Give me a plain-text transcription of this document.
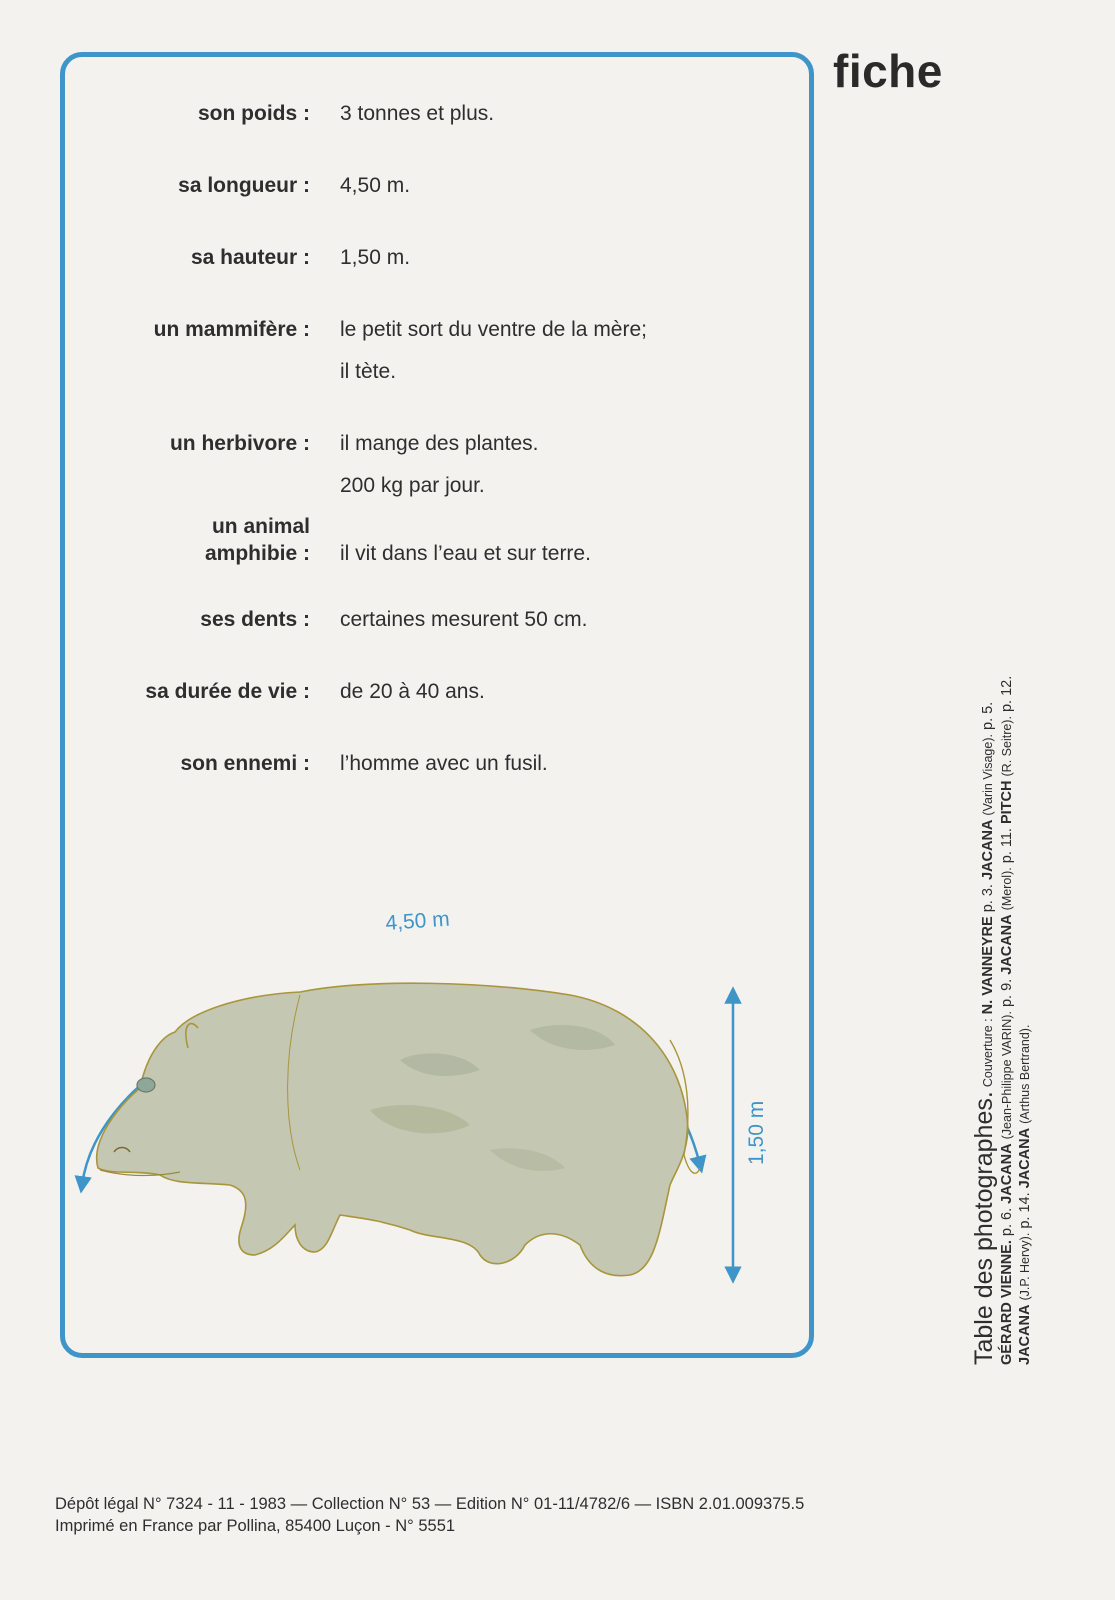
fiche
son poids : 3 tonnes et plus.
sa longueur : 4,50 m.
sa hauteur : 1,50 m.
un mammifère : le petit sort du ventre de la mère;
il tète.
un herbivore : il mange des plantes.
200 kg par jour.
un animal
amphibie : il vit dans l’eau et sur terre.
ses dents : certaines mesurent 50 cm.
sa durée de vie : de 20 à 40 ans.
son ennemi : l’homme avec un fusil.
4,50 m
1,50 m	Table des photographes. Couverture : N. VANNEYRE p. 3. JACANA (Varin Visage). p. 5.
GÉRARD VIENNE. p. 6. JACANA (Jean-Philippe VARIN). p. 9. JACANA (Merol). p. 11. PITCH (R. Seitre). p. 12.
JACANA (J.P. Hervy). p. 14. JACANA (Arthus Bertrand).
Dépôt légal N° 7324 - 11 - 1983 — Collection N° 53 — Edition N° 01-11/4782/6 — ISBN 2.01.009375.5
Imprimé en France par Pollina, 85400 Luçon - N° 5551
